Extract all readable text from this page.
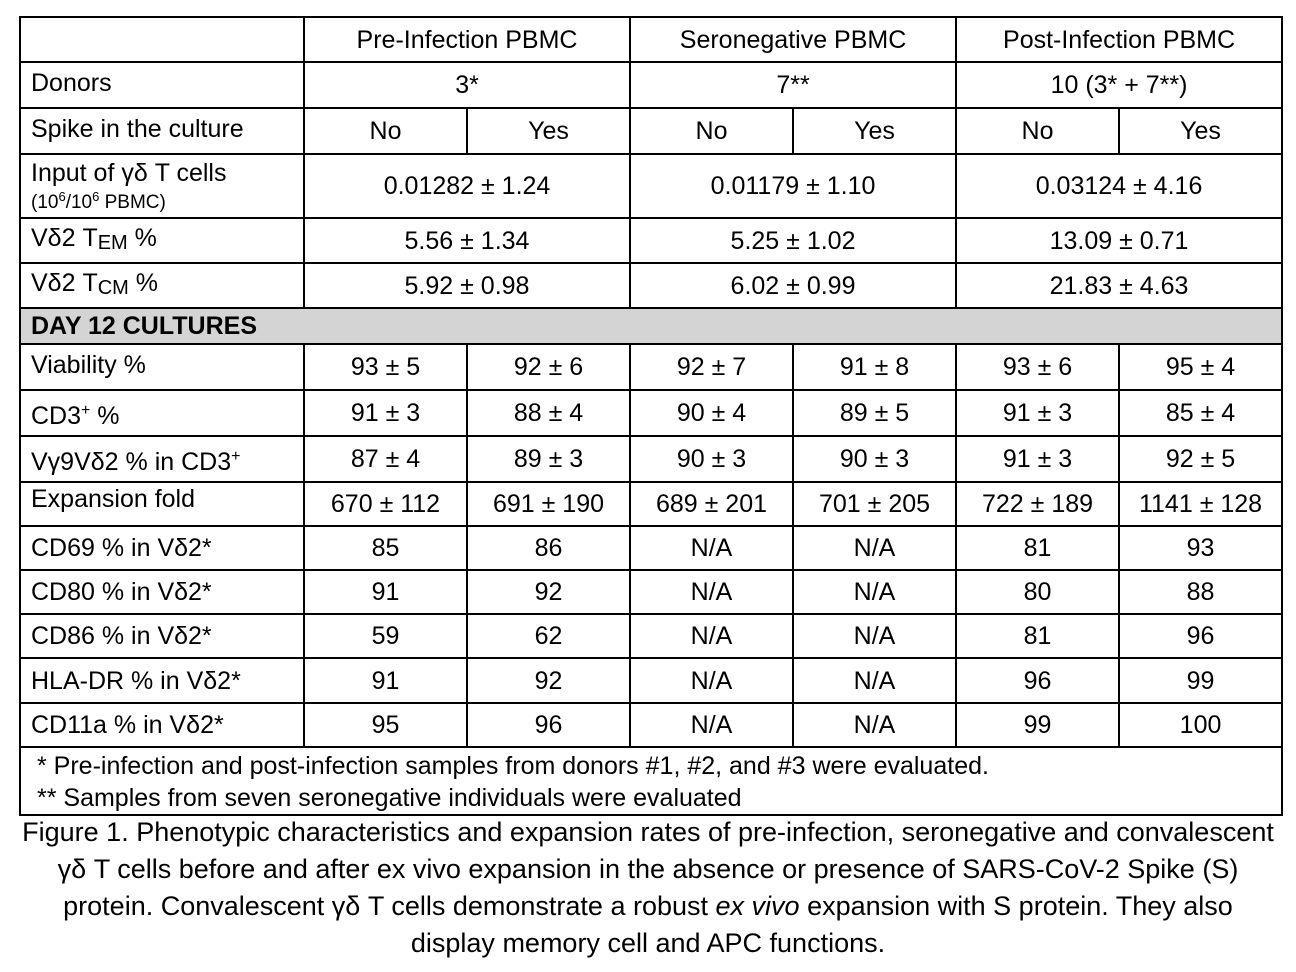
	Pre-Infection PBMC		Seronegative PBMC		Post-Infection PBMC	
Donors	3*		7**		10 (3* + 7**)	
Spike in the culture	No	Yes	No	Yes	No	Yes

Input of γδ T cells
($10^6/10^6$ PBMC)	0.01282 ± 1.24		0.01179 ± 1.10		0.03124 ± 4.16	
Vδ2 TEM %	5.56 ± 1.34		5.25 ± 1.02		13.09 ± 0.71	
Vδ2 TCM %	5.92 ± 0.98		6.02 ± 0.99		21.83 ± 4.63	
DAY 12 CULTURES						
Viability %	93 ± 5	92 ± 6	92 ± 7	91 ± 8	93 ± 6	95 ± 4
CD3+ %	91 ± 3	88 ± 4	90 ± 4	89 ± 5	91 ± 3	85 ± 4
Vγ9Vδ2 % in CD3+	87 ± 4	89 ± 3	90 ± 3	90 ± 3	91 ± 3	92 ± 5
Expansion fold	670 ± 112	691 ± 190	689 ± 201	701 ± 205	722 ± 189	1141 ± 128
CD69 % in Vδ2*	85	86	N/A	N/A	81	93
CD80 % in Vδ2*	91	92	N/A	N/A	80	88
CD86 % in Vδ2*	59	62	N/A	N/A	81	96
HLA-DR % in Vδ2*	91	92	N/A	N/A	96	99
CD11a % in Vδ2*	95	96	N/A	N/A	99	100

* Pre-infection and post-infection samples from donors #1, #2, and #3 were evaluated.
** Samples from seven seronegative individuals were evaluated						
Figure 1. Phenotypic characteristics and expansion rates of pre-infection, seronegative and convalescent γδ T cells before and after ex vivo expansion in the absence or presence of SARS-CoV-2 Spike (S) protein. Convalescent γδ T cells demonstrate a robust ex vivo expansion with S protein. They also display memory cell and APC functions.
